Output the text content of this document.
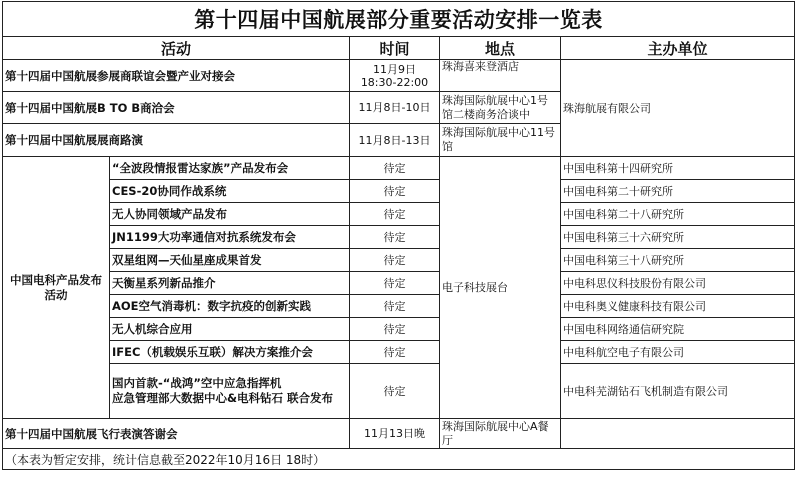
第十四届中国航展部分重要活动安排一览表				
活动		时间	地点	主办单位
第十四届中国航展参展商联谊会暨产业对接会		11月9日
18:30-22:00	珠海喜来登酒店	珠海航展有限公司
第十四届中国航展B TO B商洽会		11月8日-10日	珠海国际航展中心1号馆二楼商务洽谈中	
第十四届中国航展展商路演		11月8日-13日	珠海国际航展中心11号馆	
中国电科产品发布活动	“全波段情报雷达家族”产品发布会	待定	电子科技展台	中国电科第十四研究所
	CES-20协同作战系统	待定		中国电科第二十研究所
	无人协同领域产品发布	待定		中国电科第二十八研究所
	JN1199大功率通信对抗系统发布会	待定		中国电科第三十六研究所
	双星组网—天仙星座成果首发	待定		中国电科第三十八研究所
	天衡星系列新品推介	待定		中电科思仪科技股份有限公司
	AOE空气消毒机：数字抗疫的创新实践	待定		中电科奥义健康科技有限公司
	无人机综合应用	待定		中国电科网络通信研究院
	IFEC（机载娱乐互联）解决方案推介会	待定		中电科航空电子有限公司

	国内首款-“战鸿”空中应急指挥机
应急管理部大数据中心&电科钻石 联合发布	待定		中电科芜湖钻石飞机制造有限公司
第十四届中国航展飞行表演答谢会		11月13日晚	珠海国际航展中心A餐厅	
（本表为暂定安排，统计信息截至2022年10月16日 18时）				
